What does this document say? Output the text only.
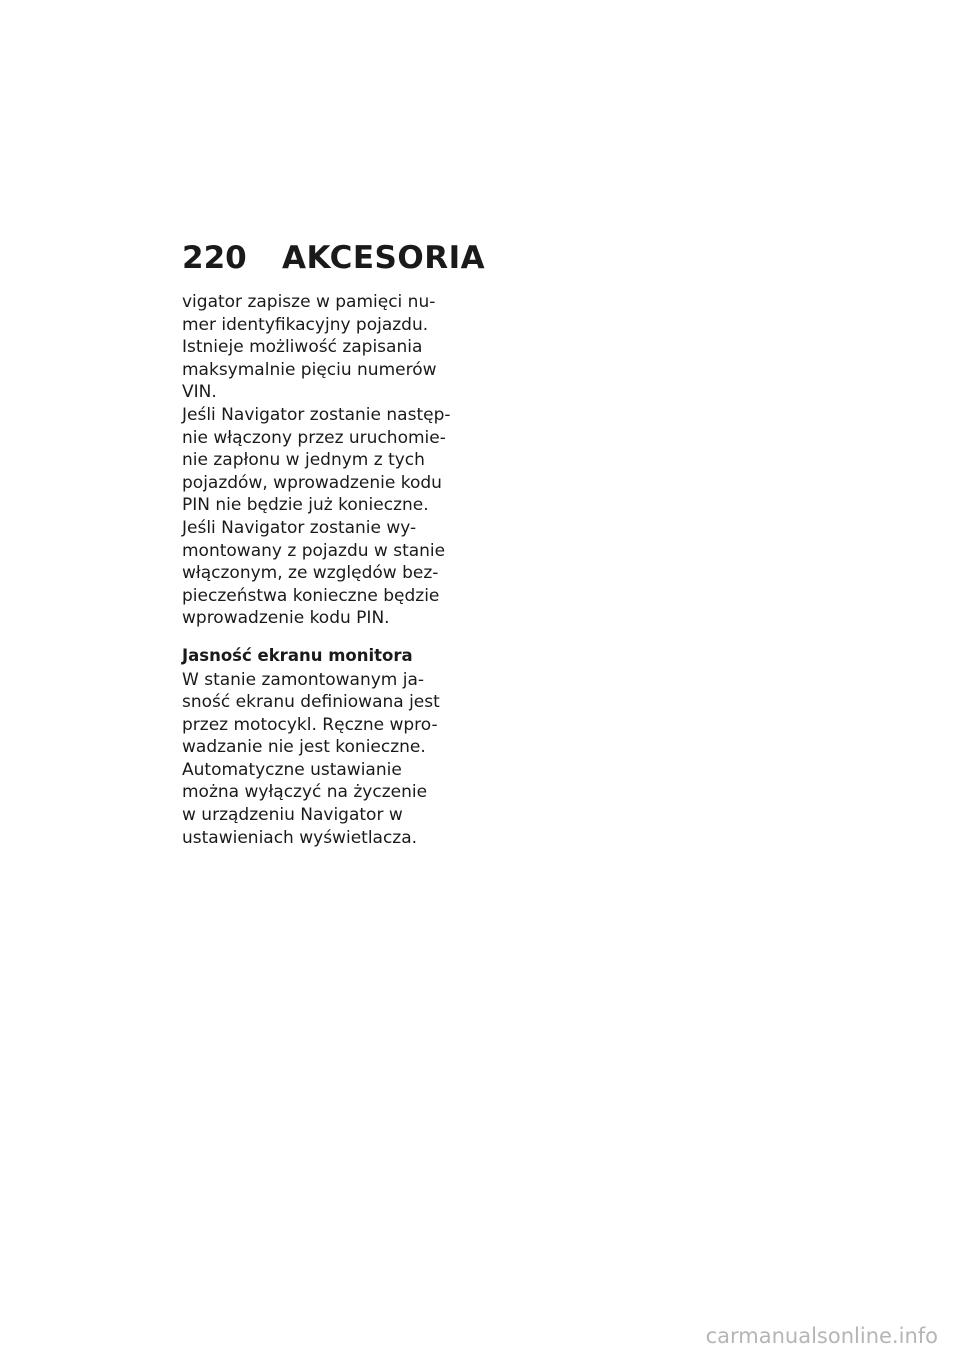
220 AKCESORIA
vigator zapisze w pamięci nu-
mer identyfikacyjny pojazdu.
Istnieje możliwość zapisania
maksymalnie pięciu numerów
VIN.
Jeśli Navigator zostanie następ-
nie włączony przez uruchomie-
nie zapłonu w jednym z tych
pojazdów, wprowadzenie kodu
PIN nie będzie już konieczne.
Jeśli Navigator zostanie wy-
montowany z pojazdu w stanie
włączonym, ze względów bez-
pieczeństwa konieczne będzie
wprowadzenie kodu PIN.
Jasność ekranu monitora
W stanie zamontowanym ja-
sność ekranu definiowana jest
przez motocykl. Ręczne wpro-
wadzanie nie jest konieczne.
Automatyczne ustawianie
można wyłączyć na życzenie
w urządzeniu Navigator w
ustawieniach wyświetlacza.
carmanualsonline.info
